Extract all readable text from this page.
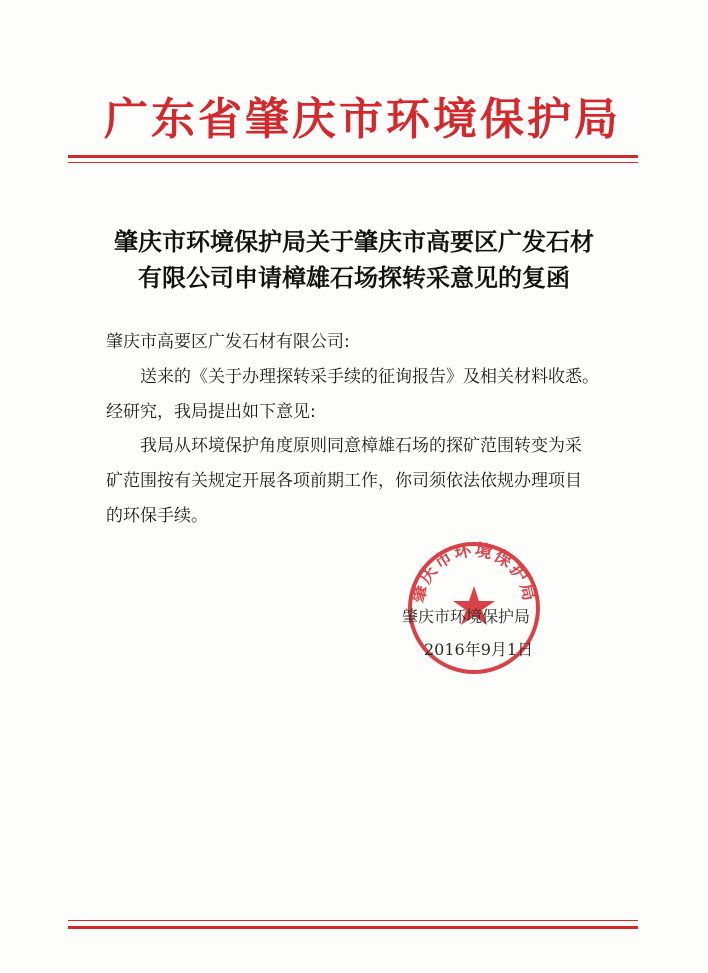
广东省肇庆市环境保护局
肇庆市环境保护局关于肇庆市高要区广发石材
有限公司申请樟雄石场探转采意见的复函
肇庆市高要区广发石材有限公司:
送来的《关于办理探转采手续的征询报告》及相关材料收悉。
经研究，我局提出如下意见:
我局从环境保护角度原则同意樟雄石场的探矿范围转变为采
矿范围按有关规定开展各项前期工作，你司须依法依规办理项目
的环保手续。
肇庆市环境保护局
肇庆市环境保护局
2016年9月1日
